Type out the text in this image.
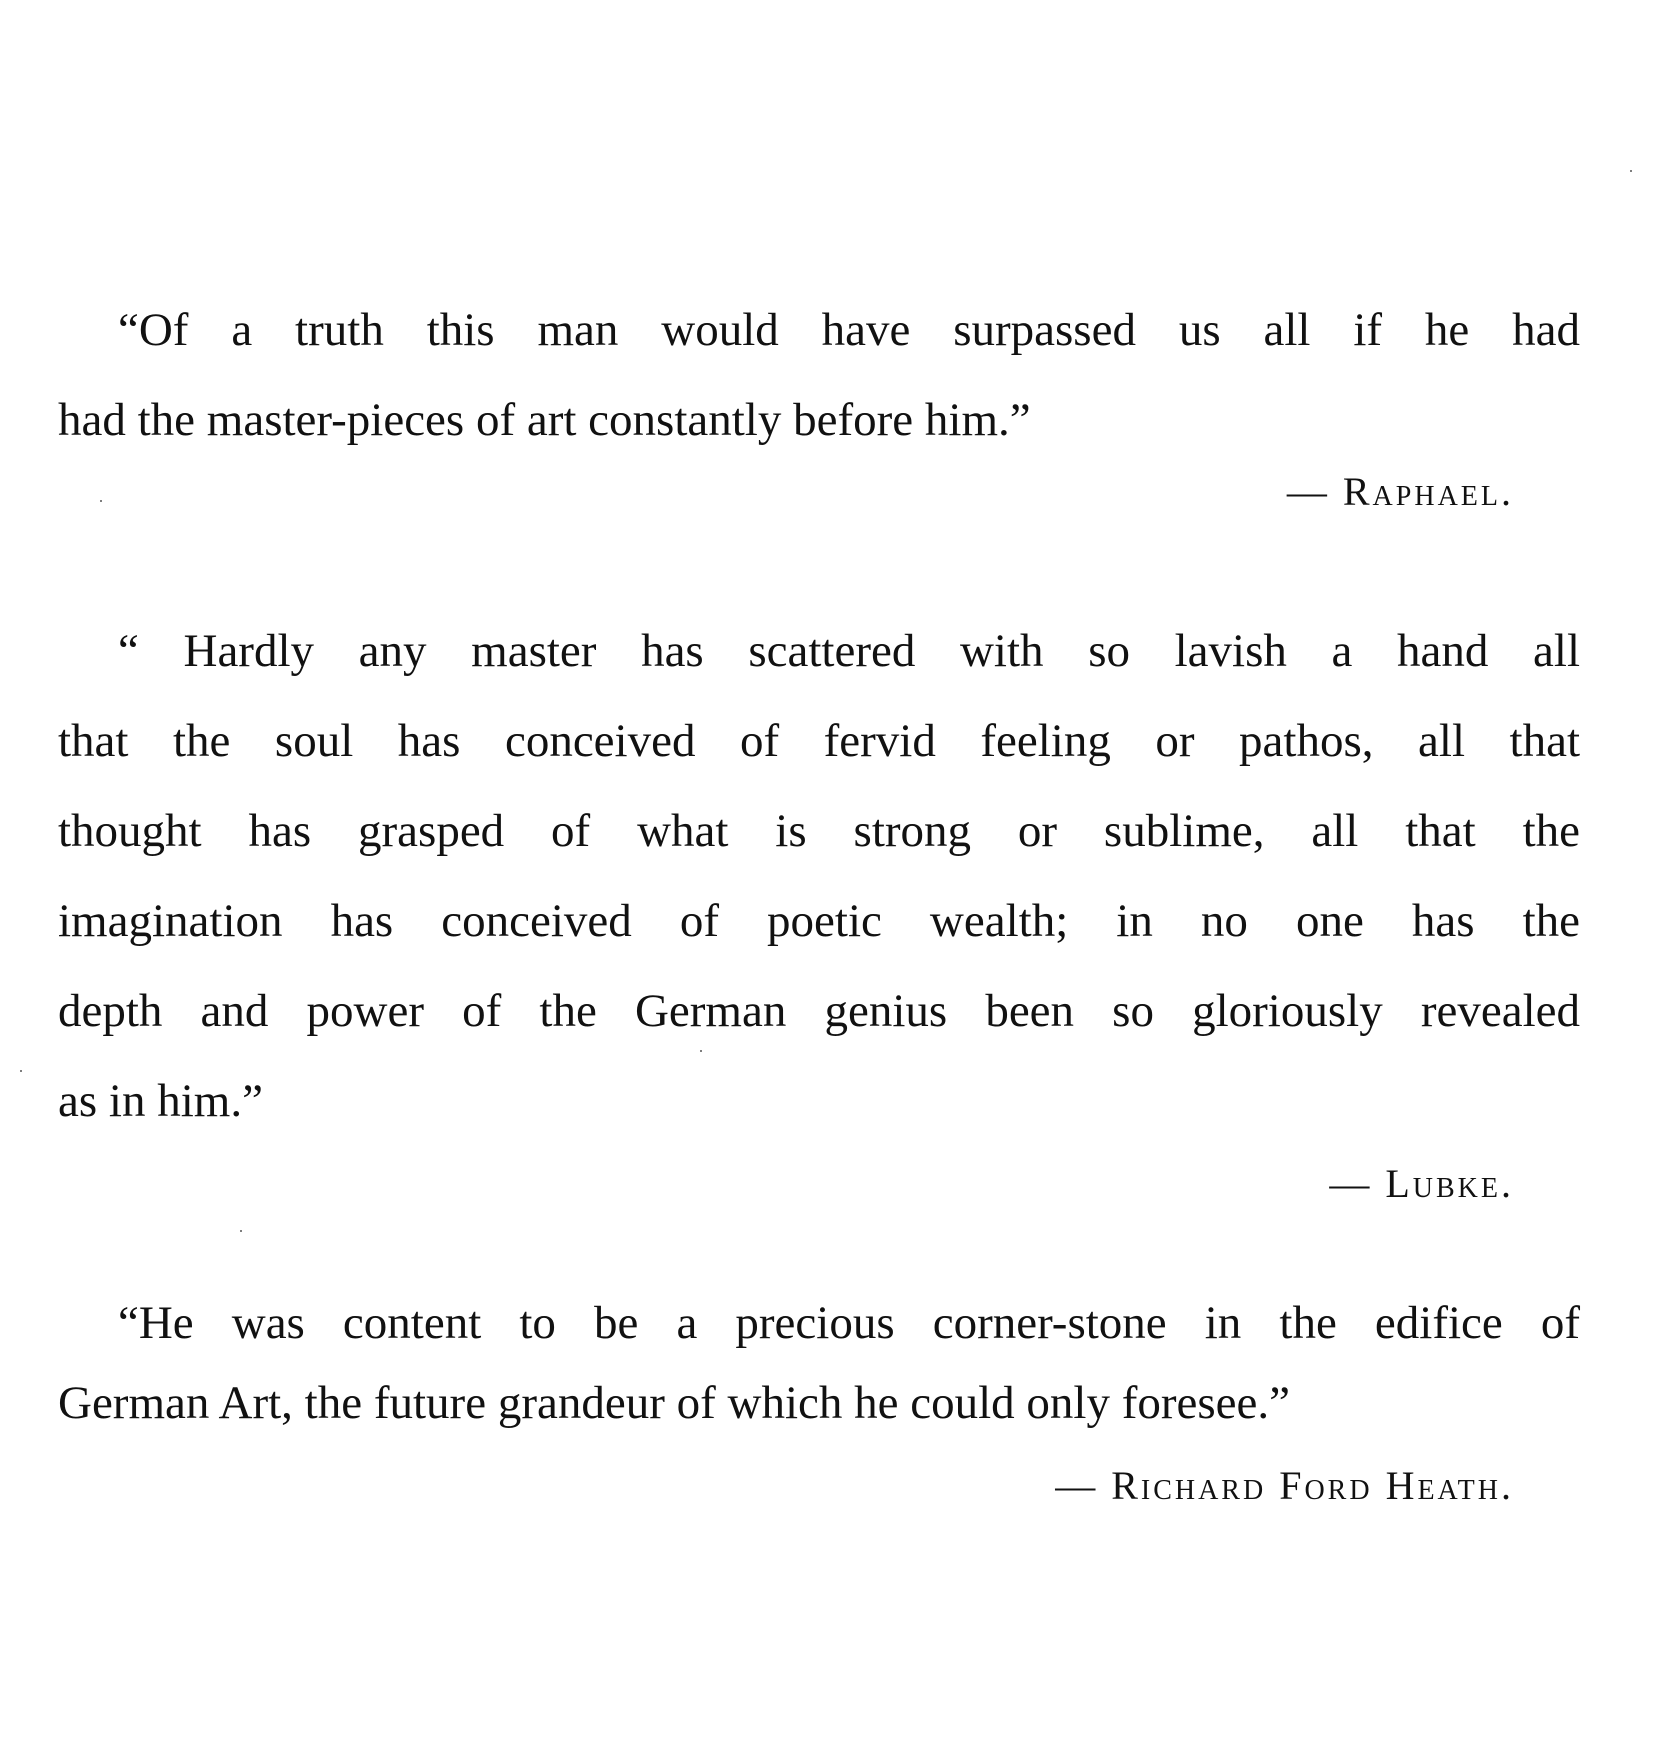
“Of a truth this man would have surpassed us all if he had
had the master-pieces of art constantly before him.”
— Raphael.
“ Hardly any master has scattered with so lavish a hand all
that the soul has conceived of fervid feeling or pathos, all that
thought has grasped of what is strong or sublime, all that the
imagination has conceived of poetic wealth; in no one has the
depth and power of the German genius been so gloriously revealed
as in him.”
— Lubke.
“He was content to be a precious corner-stone in the edifice of
German Art, the future grandeur of which he could only foresee.”
— Richard Ford Heath.
